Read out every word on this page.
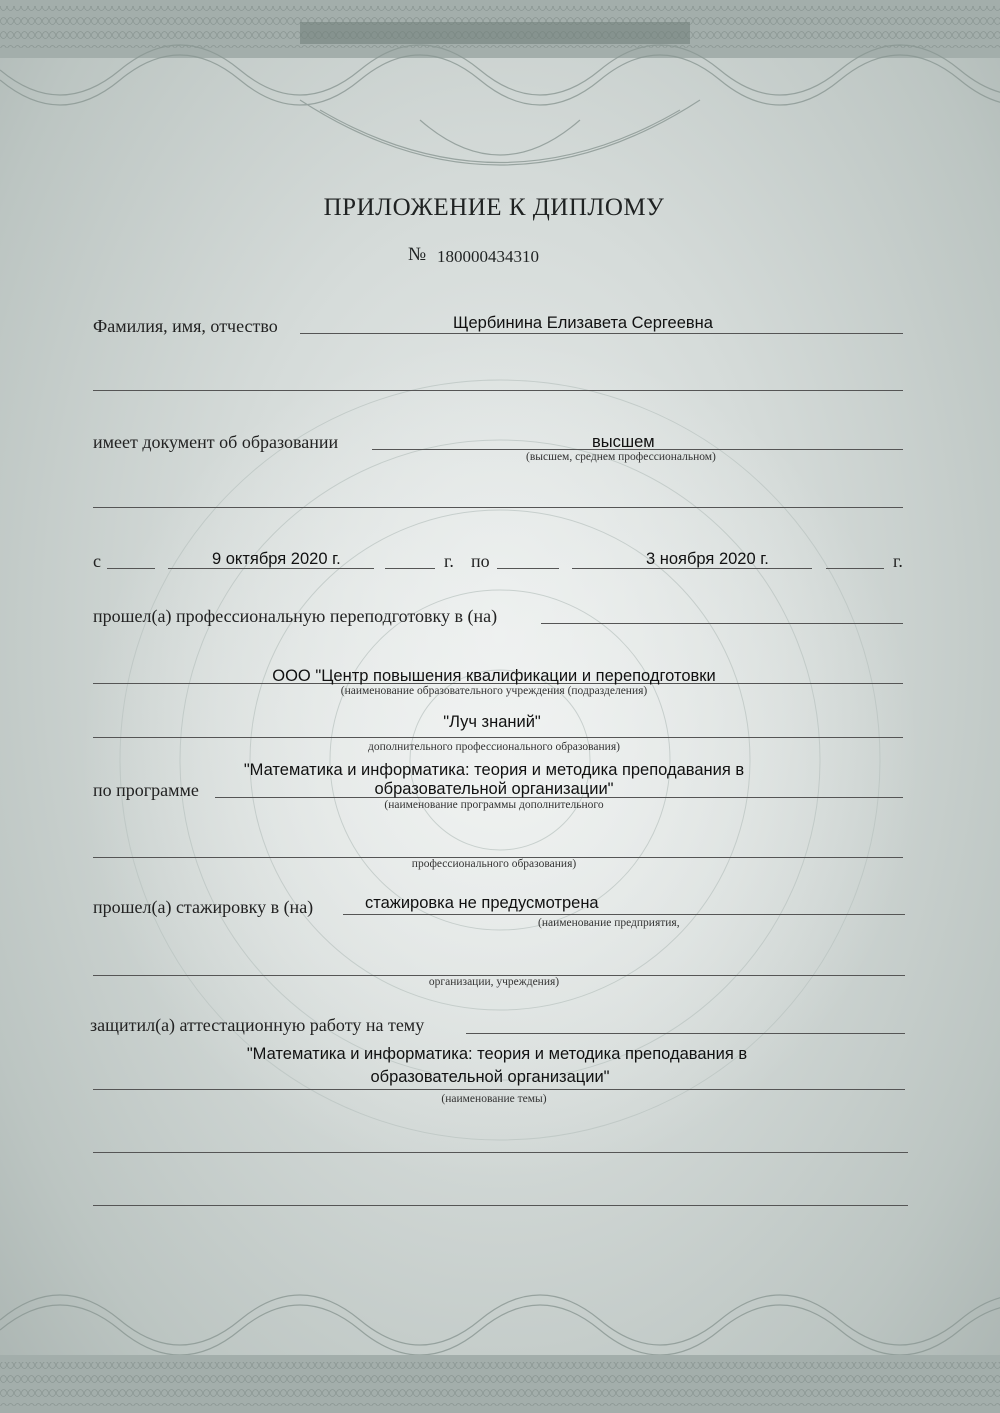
ПРИЛОЖЕНИЕ К ДИПЛОМУ
№ 180000434310
Фамилия, имя, отчество	Щербинина Елизавета Сергеевна
имеет документ об образовании	высшем
(высшем, среднем профессиональном)
с	9 октября 2020 г.	г. по	3 ноября 2020 г.	г.
прошел(а) профессиональную переподготовку в (на)
ООО "Центр повышения квалификации и переподготовки
(наименование образовательного учреждения (подразделения)
"Луч знаний"
дополнительного профессионального образования)
"Математика и информатика: теория и методика преподавания в
по программе	образовательной организации"
(наименование программы дополнительного
профессионального образования)
прошел(а) стажировку в (на)	стажировка не предусмотрена
(наименование предприятия,
организации, учреждения)
защитил(а) аттестационную работу на тему
"Математика и информатика: теория и методика преподавания в
образовательной организации"
(наименование темы)
